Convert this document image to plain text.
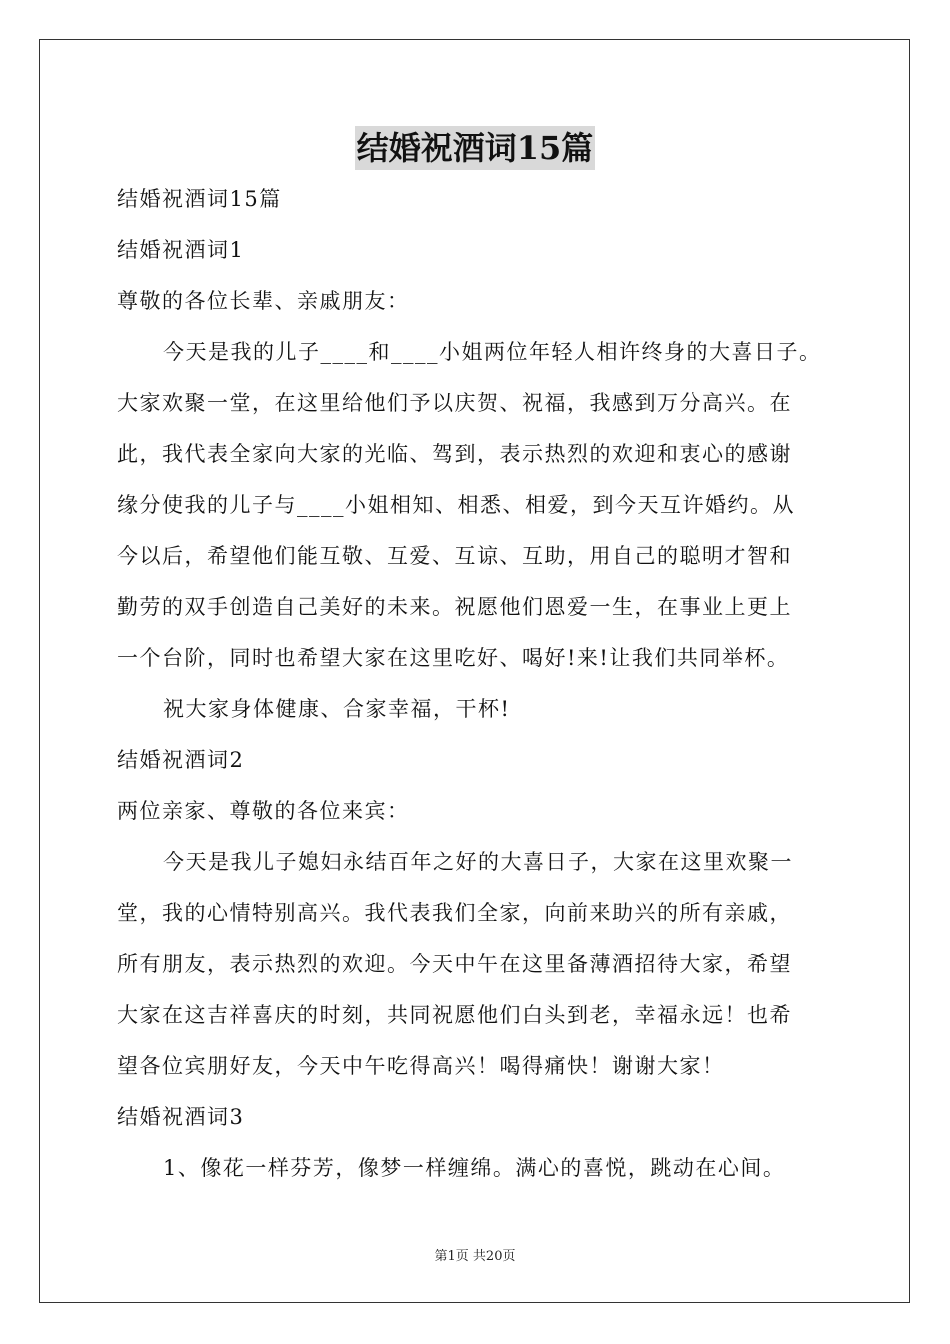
结婚祝酒词15篇
结婚祝酒词15篇
结婚祝酒词1
尊敬的各位长辈、亲戚朋友：
今天是我的儿子____和____小姐两位年轻人相许终身的大喜日子。
大家欢聚一堂，在这里给他们予以庆贺、祝福，我感到万分高兴。在
此，我代表全家向大家的光临、驾到，表示热烈的欢迎和衷心的感谢
缘分使我的儿子与____小姐相知、相悉、相爱，到今天互许婚约。从
今以后，希望他们能互敬、互爱、互谅、互助，用自己的聪明才智和
勤劳的双手创造自己美好的未来。祝愿他们恩爱一生，在事业上更上
一个台阶，同时也希望大家在这里吃好、喝好!来!让我们共同举杯。
祝大家身体健康、合家幸福，干杯!
结婚祝酒词2
两位亲家、尊敬的各位来宾：
今天是我儿子媳妇永结百年之好的大喜日子，大家在这里欢聚一
堂，我的心情特别高兴。我代表我们全家，向前来助兴的所有亲戚，
所有朋友，表示热烈的欢迎。今天中午在这里备薄酒招待大家，希望
大家在这吉祥喜庆的时刻，共同祝愿他们白头到老，幸福永远！也希
望各位宾朋好友，今天中午吃得高兴！喝得痛快！谢谢大家！
结婚祝酒词3
1、像花一样芬芳，像梦一样缠绵。满心的喜悦，跳动在心间。
第1页 共20页
